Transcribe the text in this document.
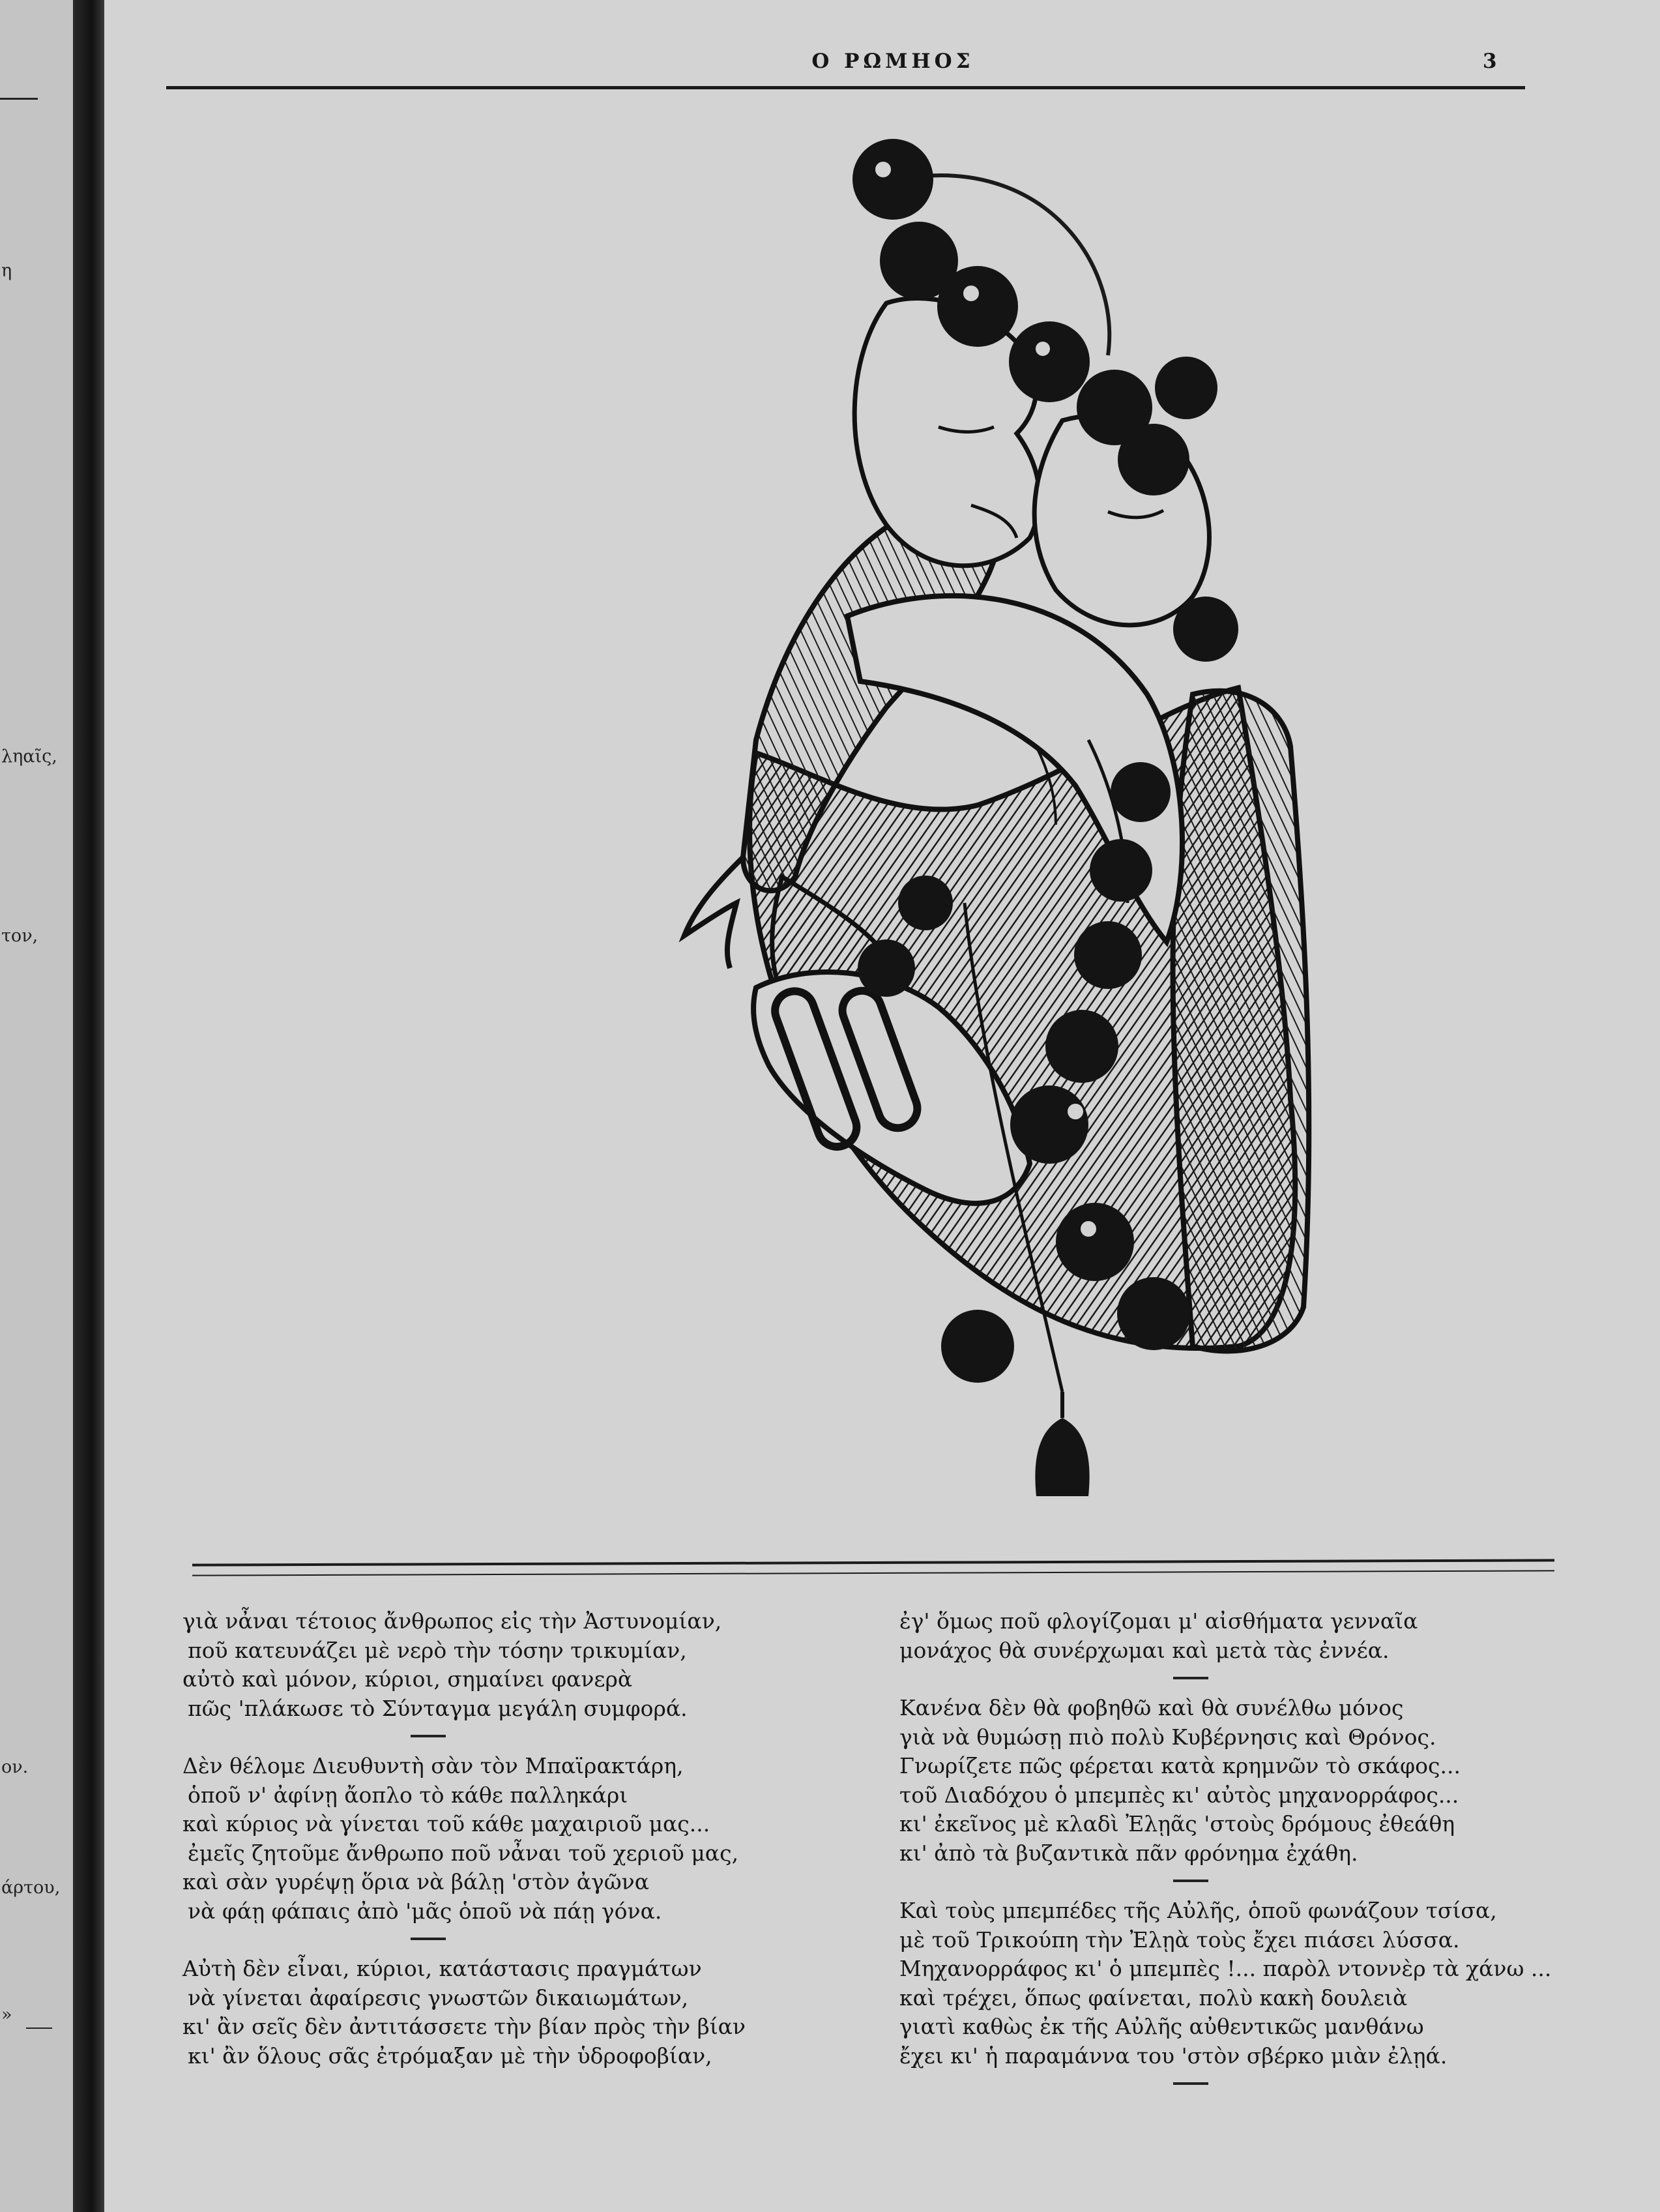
η
ληαῖς,
τον,
ον.
άρτου,
»
Ο ΡΩΜΗΟΣ	3
γιὰ νἆναι τέτοιος ἄνθρωπος εἰς τὴν Ἀστυνομίαν,
ποῦ κατευνάζει μὲ νερὸ τὴν τόσην τρικυμίαν,
αὐτὸ καὶ μόνον, κύριοι, σημαίνει φανερὰ
πῶς 'πλάκωσε τὸ Σύνταγμα μεγάλη συμφορά.
Δὲν θέλομε Διευθυντὴ σὰν τὸν Μπαϊρακτάρη,
ὁποῦ ν' ἀφίνῃ ἄοπλο τὸ κάθε παλληκάρι
καὶ κύριος νὰ γίνεται τοῦ κάθε μαχαιριοῦ μας...
ἐμεῖς ζητοῦμε ἄνθρωπο ποῦ νἆναι τοῦ χεριοῦ μας,
καὶ σὰν γυρέψῃ ὅρια νὰ βάλῃ 'στὸν ἀγῶνα
νὰ φάῃ φάπαις ἀπὸ 'μᾶς ὁποῦ νὰ πάῃ γόνα.
Αὐτὴ δὲν εἶναι, κύριοι, κατάστασις πραγμάτων
νὰ γίνεται ἀφαίρεσις γνωστῶν δικαιωμάτων,
κι' ἂν σεῖς δὲν ἀντιτάσσετε τὴν βίαν πρὸς τὴν βίαν
κι' ἂν ὅλους σᾶς ἐτρόμαξαν μὲ τὴν ὑδροφοβίαν,
ἐγ' ὅμως ποῦ φλογίζομαι μ' αἰσθήματα γενναῖα
μονάχος θὰ συνέρχωμαι καὶ μετὰ τὰς ἐννέα.
Κανένα δὲν θὰ φοβηθῶ καὶ θὰ συνέλθω μόνος
γιὰ νὰ θυμώσῃ πιὸ πολὺ Κυβέρνησις καὶ Θρόνος.
Γνωρίζετε πῶς φέρεται κατὰ κρημνῶν τὸ σκάφος...
τοῦ Διαδόχου ὁ μπεμπὲς κι' αὐτὸς μηχανορράφος...
κι' ἐκεῖνος μὲ κλαδὶ Ἐλῃᾶς 'στοὺς δρόμους ἐθεάθη
κι' ἀπὸ τὰ βυζαντικὰ πᾶν φρόνημα ἐχάθη.
Καὶ τοὺς μπεμπέδες τῆς Αὐλῆς, ὁποῦ φωνάζουν τσίσα,
μὲ τοῦ Τρικούπη τὴν Ἐλῃὰ τοὺς ἔχει πιάσει λύσσα.
Μηχανορράφος κι' ὁ μπεμπὲς !... παρὸλ ντοννὲρ τὰ χάνω ...
καὶ τρέχει, ὅπως φαίνεται, πολὺ κακὴ δουλειὰ
γιατὶ καθὼς ἐκ τῆς Αὐλῆς αὐθεντικῶς μανθάνω
ἔχει κι' ἡ παραμάννα του 'στὸν σβέρκο μιὰν ἐλῃά.
